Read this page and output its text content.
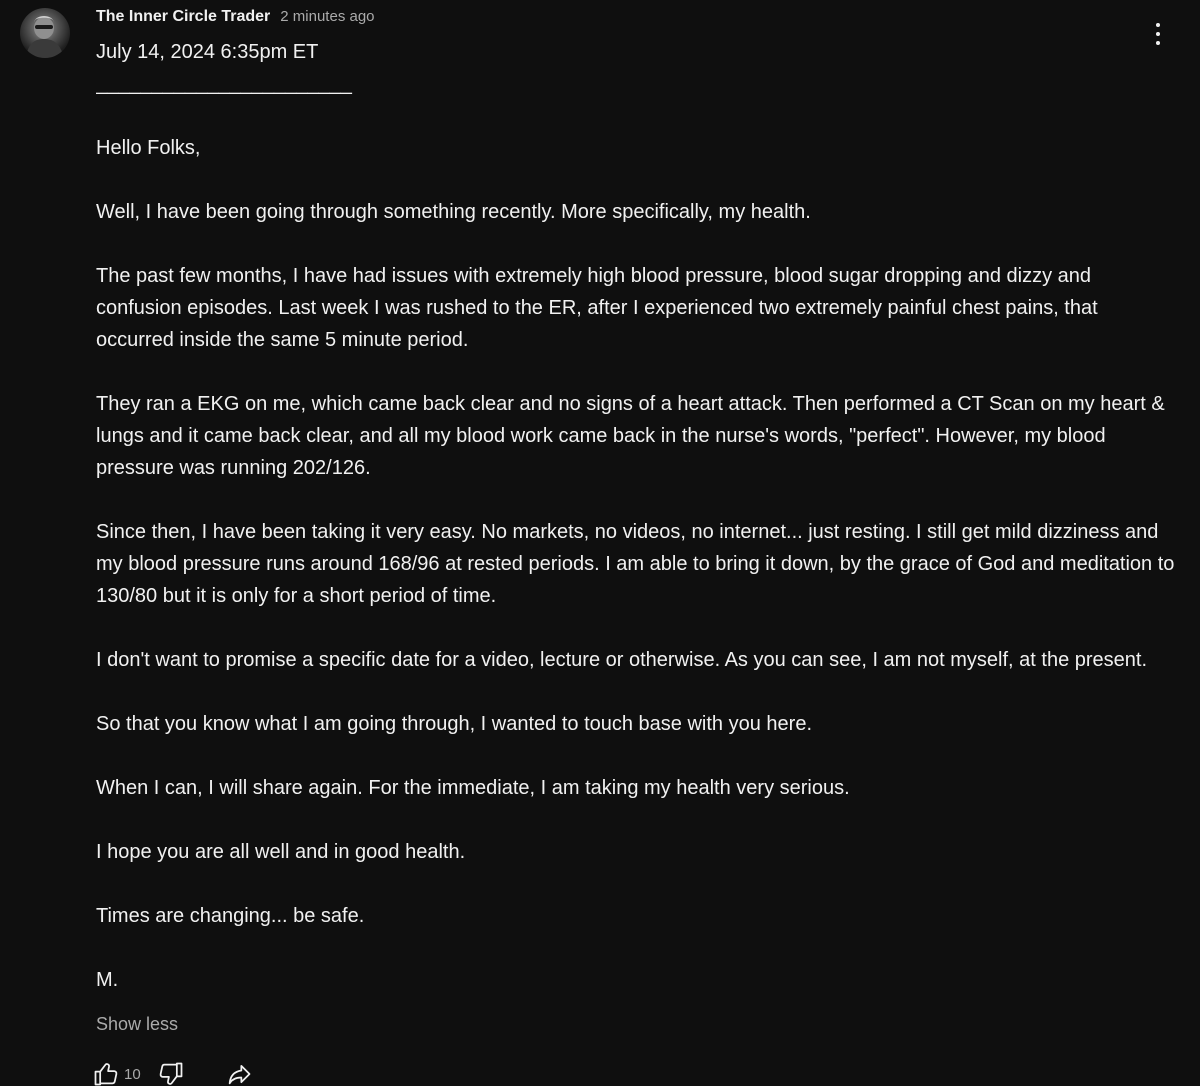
The Inner Circle Trader 2 minutes ago

July 14, 2024 6:35pm ET

_______________________

Hello Folks,

Well, I have been going through something recently. More specifically, my health.

The past few months, I have had issues with extremely high blood pressure, blood sugar dropping and dizzy and confusion episodes. Last week I was rushed to the ER, after I experienced two extremely painful chest pains, that occurred inside the same 5 minute period.

They ran a EKG on me, which came back clear and no signs of a heart attack. Then performed a CT Scan on my heart & lungs and it came back clear, and all my blood work came back in the nurse's words, "perfect". However, my blood pressure was running 202/126.

Since then, I have been taking it very easy. No markets, no videos, no internet... just resting. I still get mild dizziness and my blood pressure runs around 168/96 at rested periods. I am able to bring it down, by the grace of God and meditation to 130/80 but it is only for a short period of time.

I don't want to promise a specific date for a video, lecture or otherwise. As you can see, I am not myself, at the present.

So that you know what I am going through, I wanted to touch base with you here.

When I can, I will share again. For the immediate, I am taking my health very serious.

I hope you are all well and in good health.

Times are changing... be safe.

M.

Show less
10
